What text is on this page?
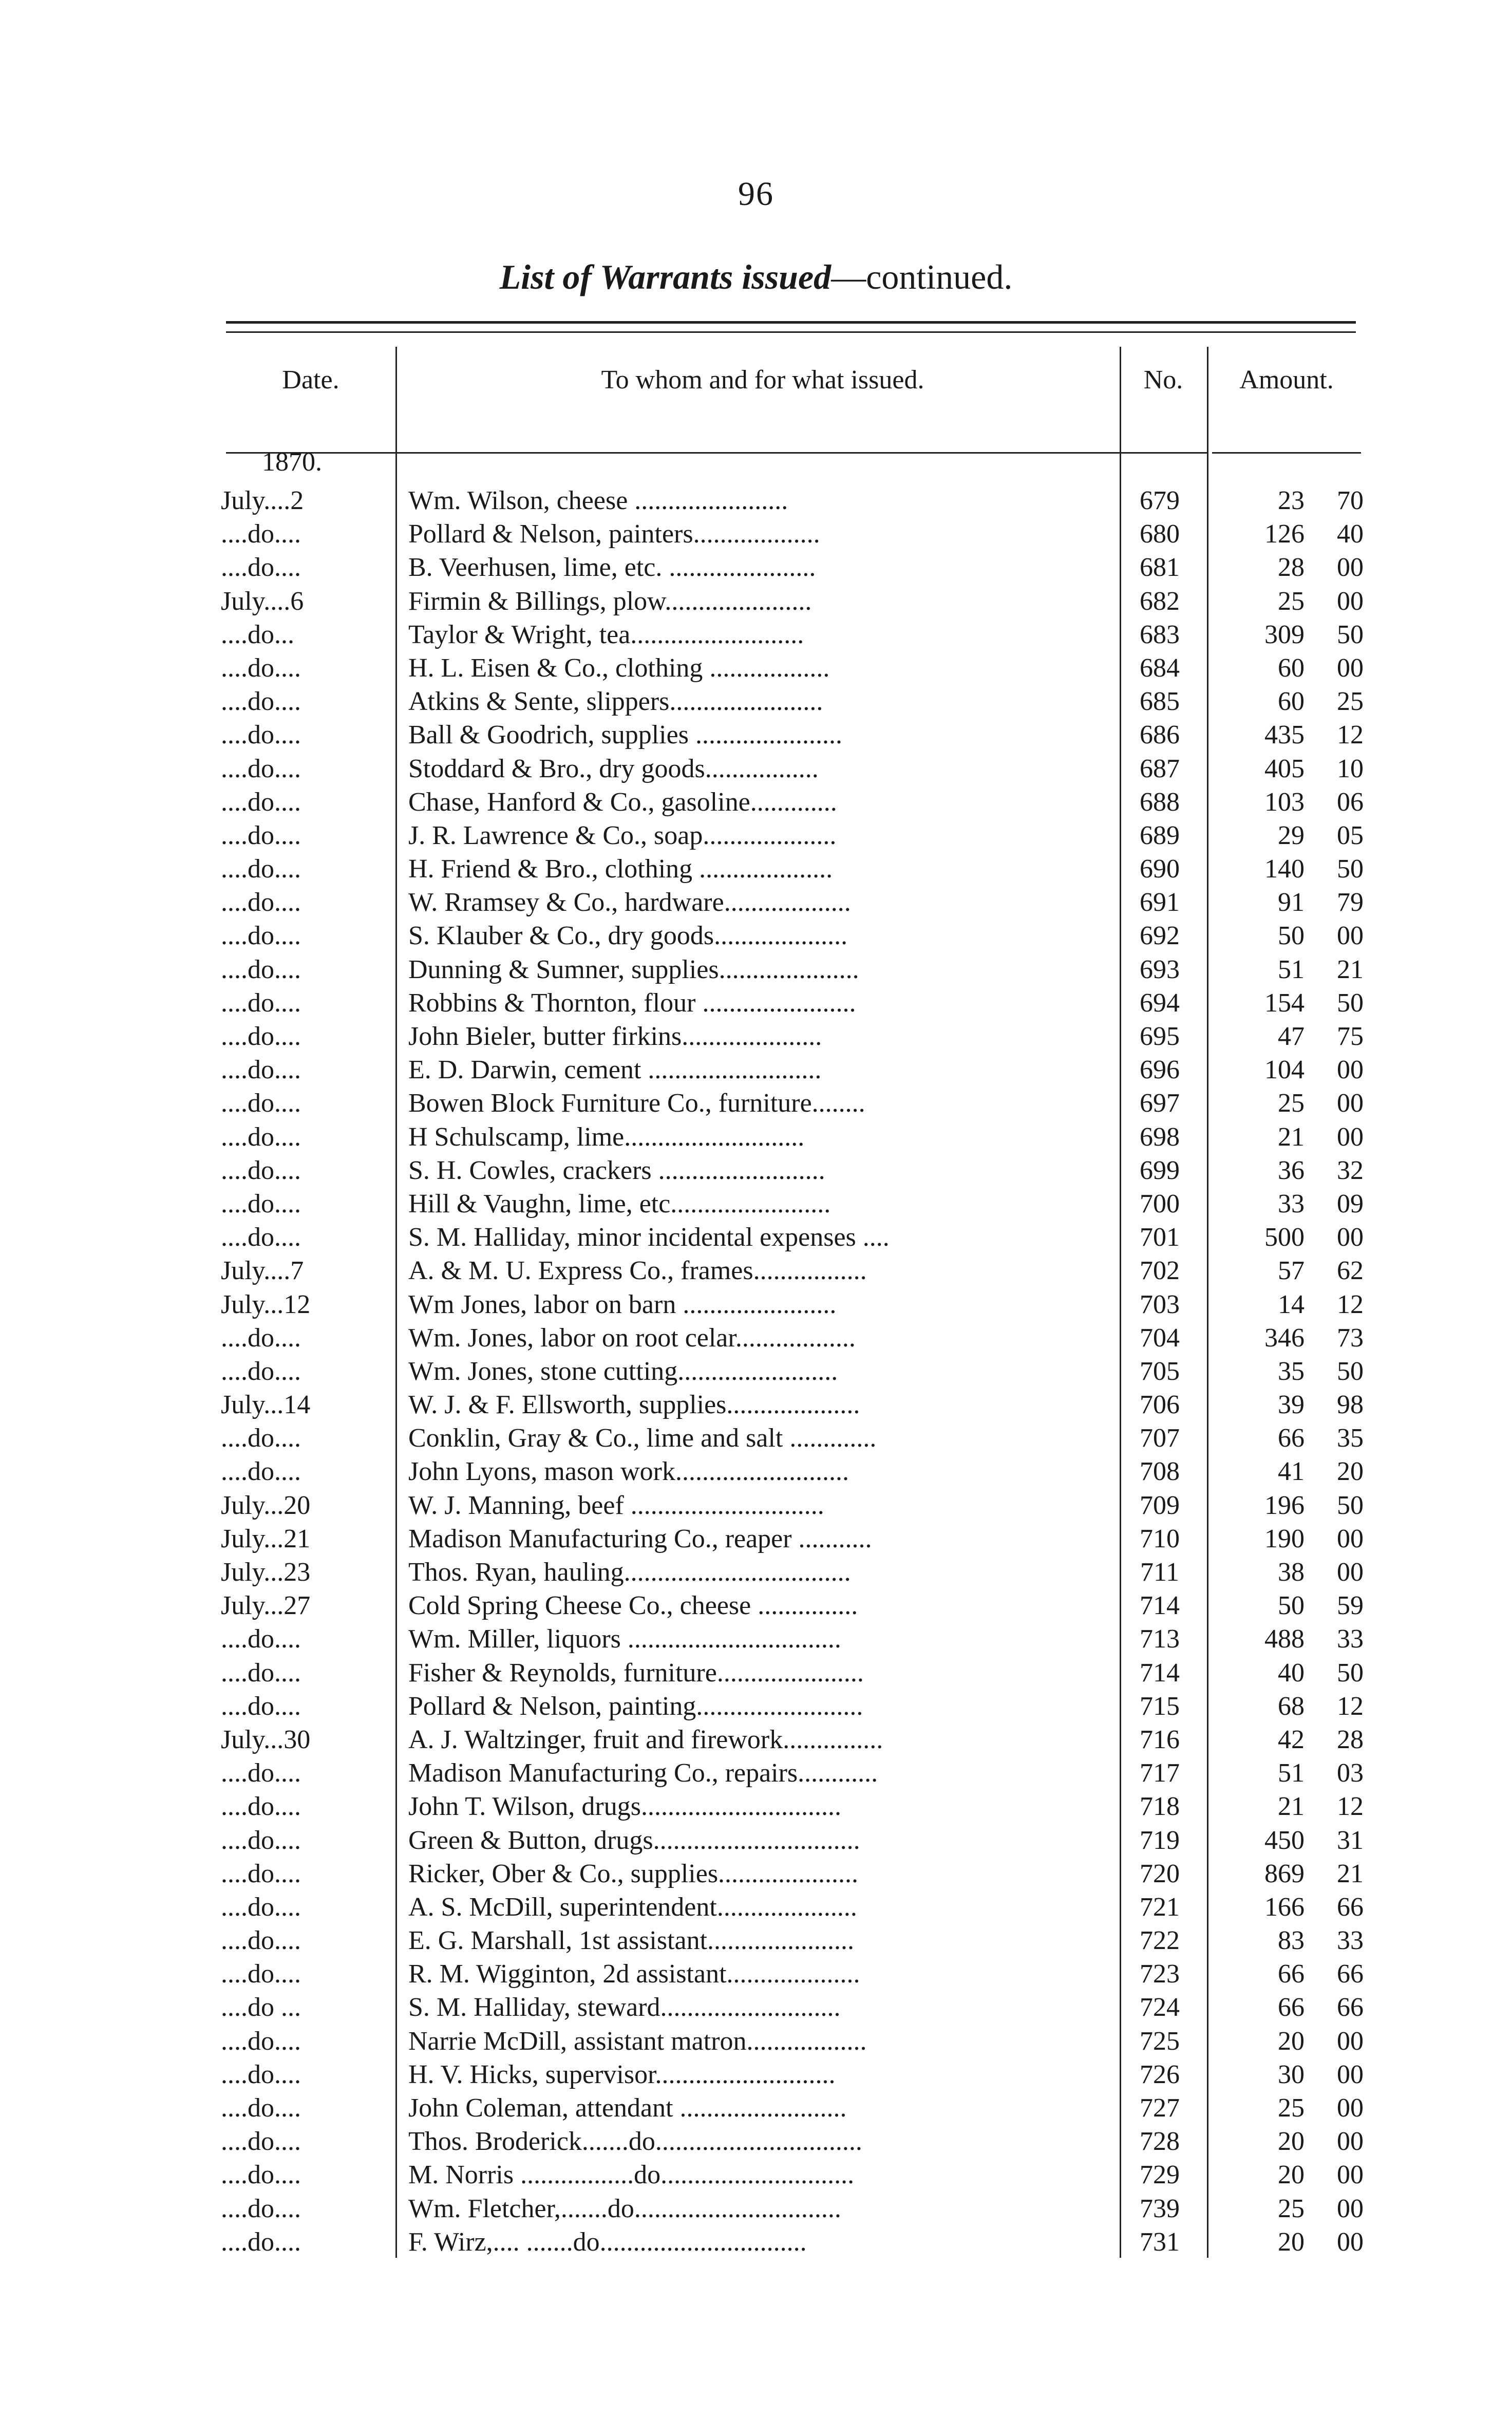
96
List of Warrants issued—continued.
Date.	To whom and for what issued.	No.	Amount.
1870.
July....2	Wm. Wilson, cheese .......................	679	23	70
....do....	Pollard & Nelson, painters...................	680	126	40
....do....	B. Veerhusen, lime, etc. ......................	681	28	00
July....6	Firmin & Billings, plow......................	682	25	00
....do...	Taylor & Wright, tea..........................	683	309	50
....do....	H. L. Eisen & Co., clothing ..................	684	60	00
....do....	Atkins & Sente, slippers.......................	685	60	25
....do....	Ball & Goodrich, supplies ......................	686	435	12
....do....	Stoddard & Bro., dry goods.................	687	405	10
....do....	Chase, Hanford & Co., gasoline.............	688	103	06
....do....	J. R. Lawrence & Co., soap....................	689	29	05
....do....	H. Friend & Bro., clothing ....................	690	140	50
....do....	W. Rramsey & Co., hardware...................	691	91	79
....do....	S. Klauber & Co., dry goods....................	692	50	00
....do....	Dunning & Sumner, supplies.....................	693	51	21
....do....	Robbins & Thornton, flour .......................	694	154	50
....do....	John Bieler, butter firkins.....................	695	47	75
....do....	E. D. Darwin, cement ..........................	696	104	00
....do....	Bowen Block Furniture Co., furniture........	697	25	00
....do....	H Schulscamp, lime...........................	698	21	00
....do....	S. H. Cowles, crackers .........................	699	36	32
....do....	Hill & Vaughn, lime, etc........................	700	33	09
....do....	S. M. Halliday, minor incidental expenses ....	701	500	00
July....7	A. & M. U. Express Co., frames.................	702	57	62
July...12	Wm Jones, labor on barn .......................	703	14	12
....do....	Wm. Jones, labor on root celar..................	704	346	73
....do....	Wm. Jones, stone cutting........................	705	35	50
July...14	W. J. & F. Ellsworth, supplies....................	706	39	98
....do....	Conklin, Gray & Co., lime and salt .............	707	66	35
....do....	John Lyons, mason work..........................	708	41	20
July...20	W. J. Manning, beef .............................	709	196	50
July...21	Madison Manufacturing Co., reaper ...........	710	190	00
July...23	Thos. Ryan, hauling..................................	711	38	00
July...27	Cold Spring Cheese Co., cheese ...............	714	50	59
....do....	Wm. Miller, liquors ................................	713	488	33
....do....	Fisher & Reynolds, furniture......................	714	40	50
....do....	Pollard & Nelson, painting.........................	715	68	12
July...30	A. J. Waltzinger, fruit and firework...............	716	42	28
....do....	Madison Manufacturing Co., repairs............	717	51	03
....do....	John T. Wilson, drugs..............................	718	21	12
....do....	Green & Button, drugs...............................	719	450	31
....do....	Ricker, Ober & Co., supplies.....................	720	869	21
....do....	A. S. McDill, superintendent.....................	721	166	66
....do....	E. G. Marshall, 1st assistant......................	722	83	33
....do....	R. M. Wigginton, 2d assistant....................	723	66	66
....do ...	S. M. Halliday, steward...........................	724	66	66
....do....	Narrie McDill, assistant matron..................	725	20	00
....do....	H. V. Hicks, supervisor...........................	726	30	00
....do....	John Coleman, attendant .........................	727	25	00
....do....	Thos. Broderick.......do...............................	728	20	00
....do....	M. Norris .................do.............................	729	20	00
....do....	Wm. Fletcher,.......do...............................	739	25	00
....do....	F. Wirz,.... .......do...............................	731	20	00
